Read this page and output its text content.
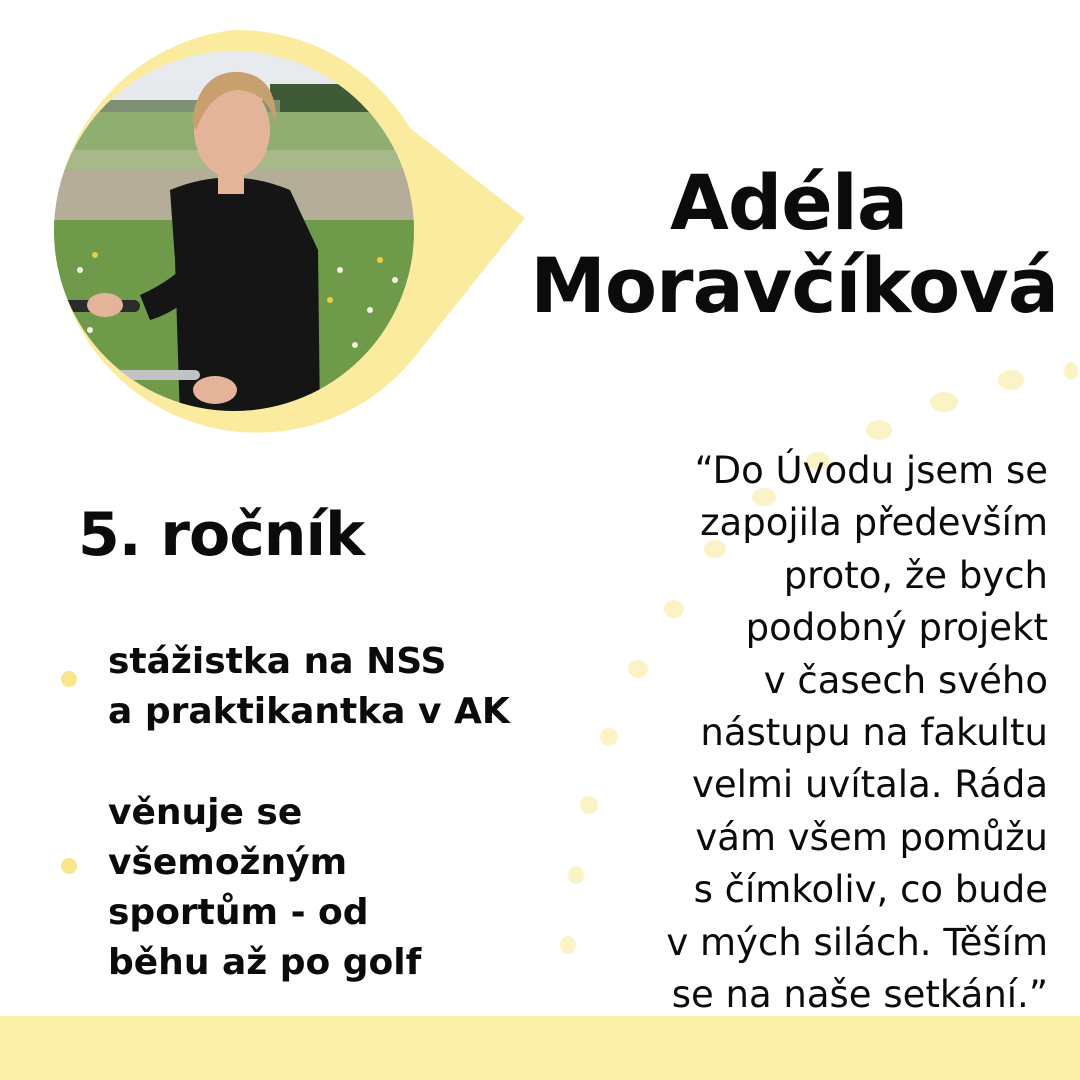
Adéla
Moravčíková
5. ročník
stážistka na NSS
a praktikantka v AK
věnuje se
všemožným
sportům - od
běhu až po golf
“Do Úvodu jsem se
zapojila především
proto, že bych
podobný projekt
v časech svého
nástupu na fakultu
velmi uvítala. Ráda
vám všem pomůžu
s čímkoliv, co bude
v mých silách. Těším
se na naše setkání.”
